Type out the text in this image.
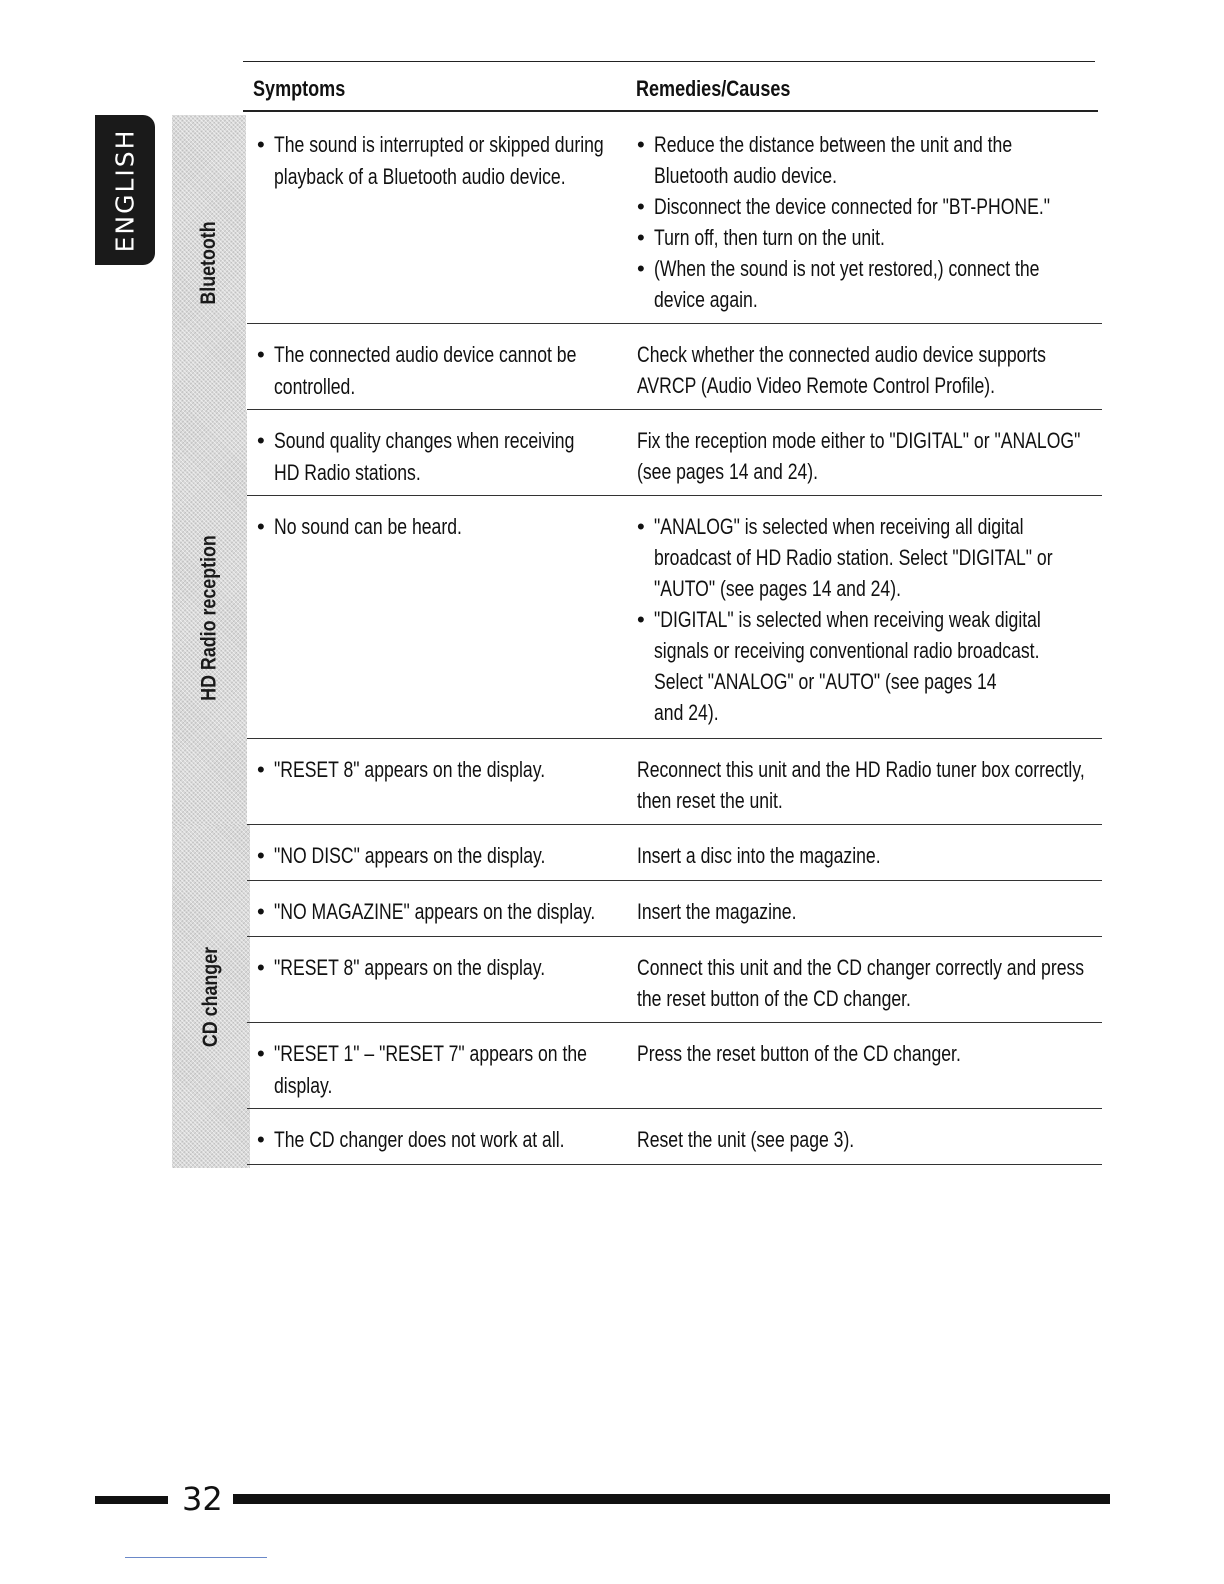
ENGLISH
Symptoms	Remedies/Causes
Bluetooth
HD Radio reception
CD changer
• The sound is interrupted or skipped during
playback of a Bluetooth audio device.
• Reduce the distance between the unit and the
Bluetooth audio device.
• Disconnect the device connected for "BT-PHONE."
• Turn off, then turn on the unit.
• (When the sound is not yet restored,) connect the
device again.
• The connected audio device cannot be
controlled.
Check whether the connected audio device supports
AVRCP (Audio Video Remote Control Profile).
• Sound quality changes when receiving
HD Radio stations.
Fix the reception mode either to "DIGITAL" or "ANALOG"
(see pages 14 and 24).
• No sound can be heard.
•	"ANALOG" is selected when receiving all digital
broadcast of HD Radio station. Select "DIGITAL" or
"AUTO" (see pages 14 and 24).
• "DIGITAL" is selected when receiving weak digital
signals or receiving conventional radio broadcast.
Select "ANALOG" or "AUTO" (see pages 14
and 24).
• "RESET 8" appears on the display.	Reconnect this unit and the HD Radio tuner box correctly,
then reset the unit.
• "NO DISC" appears on the display.	Insert a disc into the magazine.
• "NO MAGAZINE" appears on the display.	Insert the magazine.
• "RESET 8" appears on the display.	Connect this unit and the CD changer correctly and press
the reset button of the CD changer.
• "RESET 1" – "RESET 7" appears on the
display.
Press the reset button of the CD changer.
• The CD changer does not work at all.	Reset the unit (see page 3).
32
